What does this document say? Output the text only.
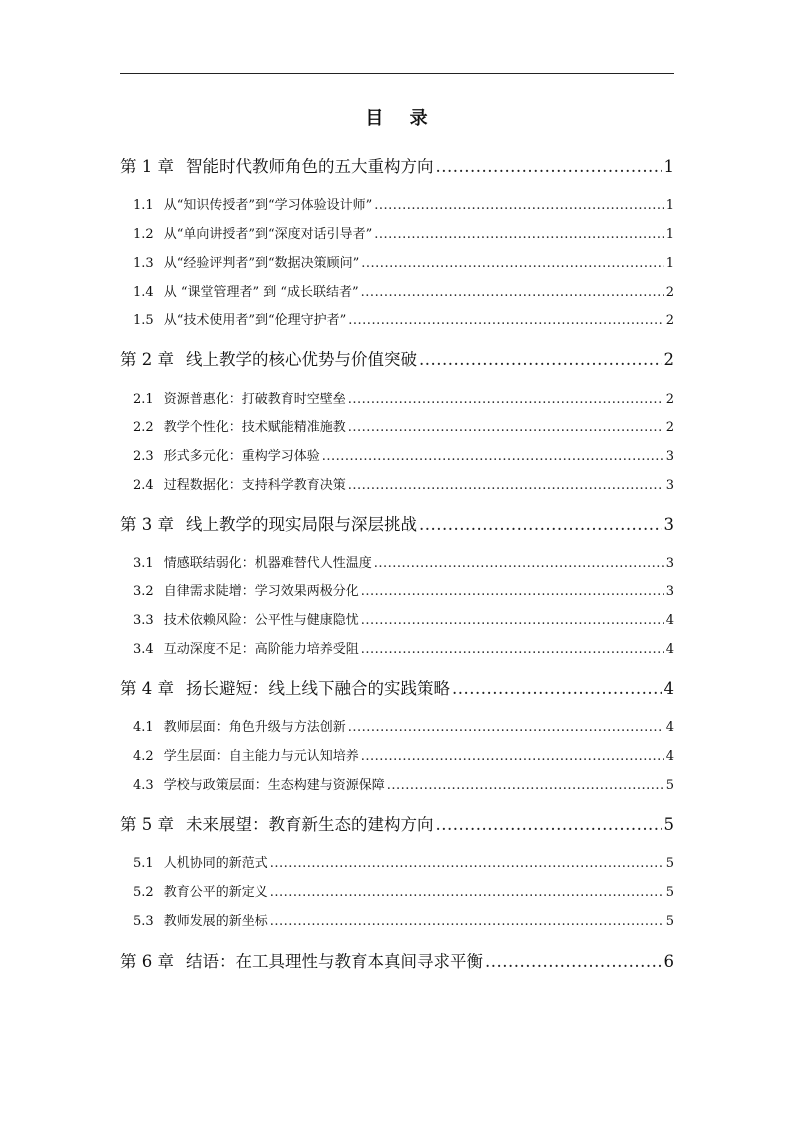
目 录
第 1 章 智能时代教师角色的五大重构方向 .....	1
1.1 从“知识传授者”到“学习体验设计师” .....	1
1.2 从“单向讲授者”到“深度对话引导者” .....	1
1.3 从“经验评判者”到“数据决策顾问” .....	1
1.4 从 “课堂管理者” 到 “成长联结者” .....	2
1.5 从“技术使用者”到“伦理守护者” .....	2
第 2 章 线上教学的核心优势与价值突破 .....	2
2.1 资源普惠化：打破教育时空壁垒 .....	2
2.2 教学个性化：技术赋能精准施教 .....	2
2.3 形式多元化：重构学习体验 .....	3
2.4 过程数据化：支持科学教育决策 .....	3
第 3 章 线上教学的现实局限与深层挑战 .....	3
3.1 情感联结弱化：机器难替代人性温度 .....	3
3.2 自律需求陡增：学习效果两极分化 .....	3
3.3 技术依赖风险：公平性与健康隐忧 .....	4
3.4 互动深度不足：高阶能力培养受阻 .....	4
第 4 章 扬长避短：线上线下融合的实践策略 .....	4
4.1 教师层面：角色升级与方法创新 .....	4
4.2 学生层面：自主能力与元认知培养 .....	4
4.3 学校与政策层面：生态构建与资源保障 .....	5
第 5 章 未来展望：教育新生态的建构方向 .....	5
5.1 人机协同的新范式 .....	5
5.2 教育公平的新定义 .....	5
5.3 教师发展的新坐标 .....	5
第 6 章 结语：在工具理性与教育本真间寻求平衡 .....	6
